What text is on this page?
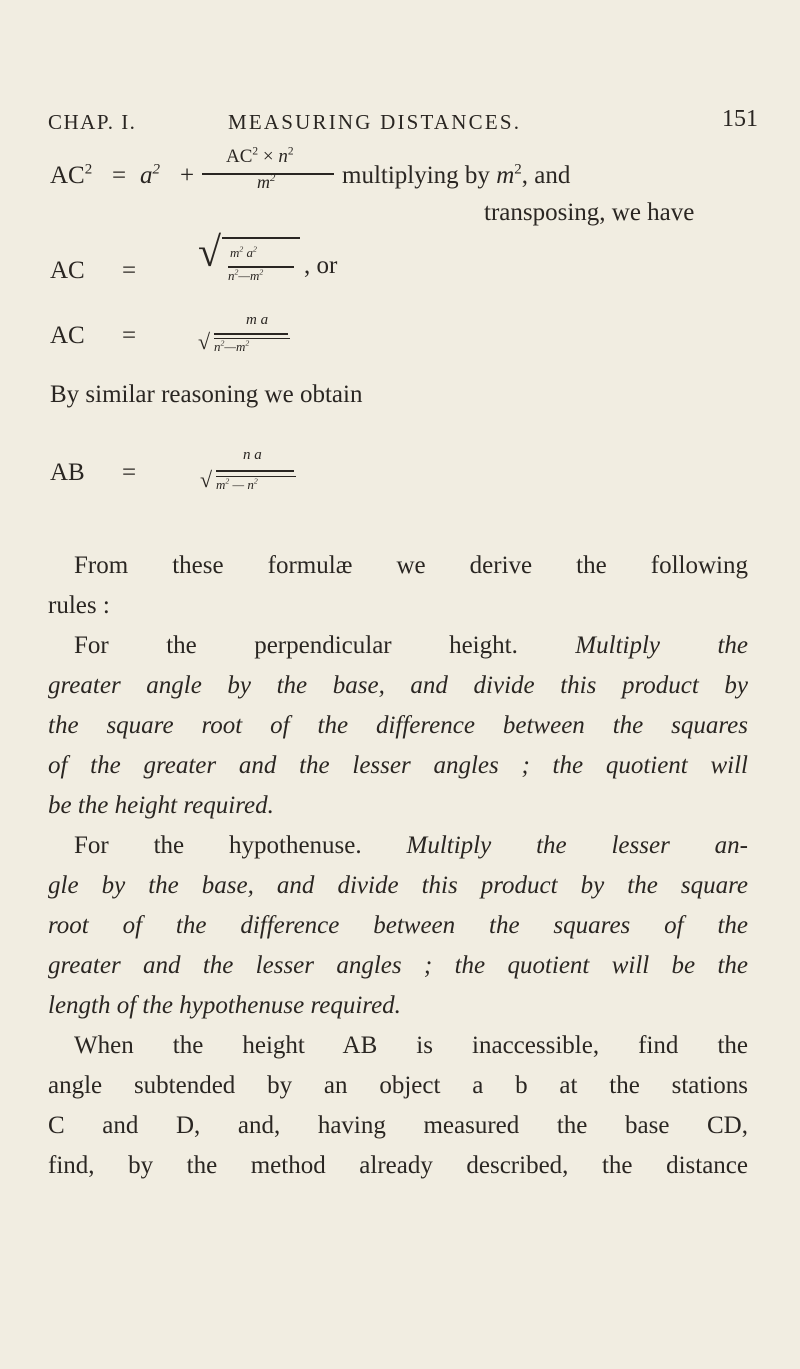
CHAP. I.	MEASURING DISTANCES.	151
$AC^2 = a^2$ +
$AC^2 \times n^2$
$m^2$	multiplying by $m^2$, and
transposing, we have
AC = √ $m^2$ $a^2$
$n^2—m^2$ , or
AC =
m a
√ $n^2—m^2$
By similar reasoning we obtain
AB =
n a
√ $m^2$ — $n^2$
From these formulæ we derive the following
rules :
For the perpendicular height. Multiply the
greater angle by the base, and divide this product by
the square root of the difference between the squares
of the greater and the lesser angles ; the quotient will
be the height required.
For the hypothenuse. Multiply the lesser an-
gle by the base, and divide this product by the square
root of the difference between the squares of the
greater and the lesser angles ; the quotient will be the
length of the hypothenuse required.
When the height AB is inaccessible, find the
angle subtended by an object a b at the stations
C and D, and, having measured the base CD,
find, by the method already described, the distance
